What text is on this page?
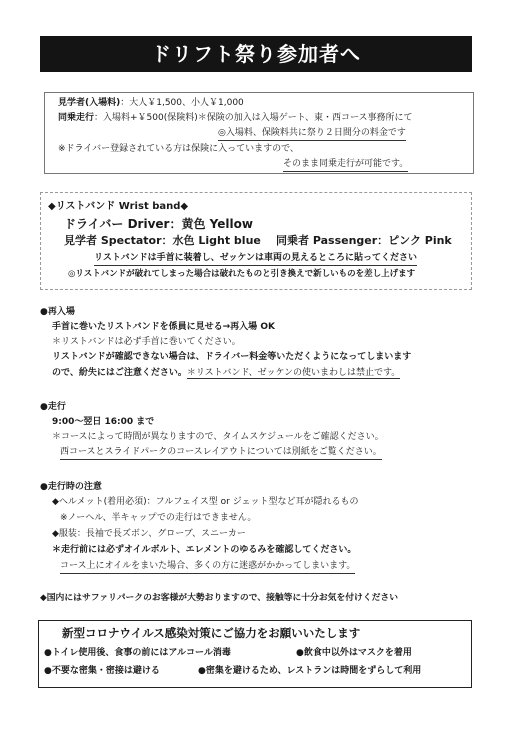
ドリフト祭り参加者へ
見学者(入場料)：大人￥1,500、小人￥1,000
同乗走行：入場料+￥500(保険料)＊保険の加入は入場ゲート、東・西コース事務所にて
◎入場料、保険料共に祭り２日間分の料金です
※ドライバー登録されている方は保険に入っていますので、
そのまま同乗走行が可能です。
◆リストバンド Wrist band◆
ドライバー Driver：黄色 Yellow
見学者 Spectator：水色 Light blue 同乗者 Passenger：ピンク Pink
リストバンドは手首に装着し、ゼッケンは車両の見えるところに貼ってください
◎リストバンドが破れてしまった場合は破れたものと引き換えで新しいものを差し上げます
●再入場
手首に巻いたリストバンドを係員に見せる→再入場 OK
＊リストバンドは必ず手首に巻いてください。
リストバンドが確認できない場合は、ドライバー料金等いただくようになってしまいます
ので、紛失にはご注意ください。＊リストバンド、ゼッケンの使いまわしは禁止です。
●走行
9:00～翌日 16:00 まで
＊コースによって時間が異なりますので、タイムスケジュールをご確認ください。
西コースとスライドパークのコースレイアウトについては別紙をご覧ください。
●走行時の注意
◆ヘルメット(着用必須)：フルフェイス型 or ジェット型など耳が隠れるもの
※ノーヘル、半キャップでの走行はできません。
◆服装：長袖で長ズボン、グローブ、スニーカー
＊走行前には必ずオイルボルト、エレメントのゆるみを確認してください。
コース上にオイルをまいた場合、多くの方に迷惑がかかってしまいます。
◆国内にはサファリパークのお客様が大勢おりますので、接触等に十分お気を付けください
新型コロナウイルス感染対策にご協力をお願いいたします
●トイレ使用後、食事の前にはアルコール消毒	●飲食中以外はマスクを着用
●不要な密集・密接は避ける	●密集を避けるため、レストランは時間をずらして利用
